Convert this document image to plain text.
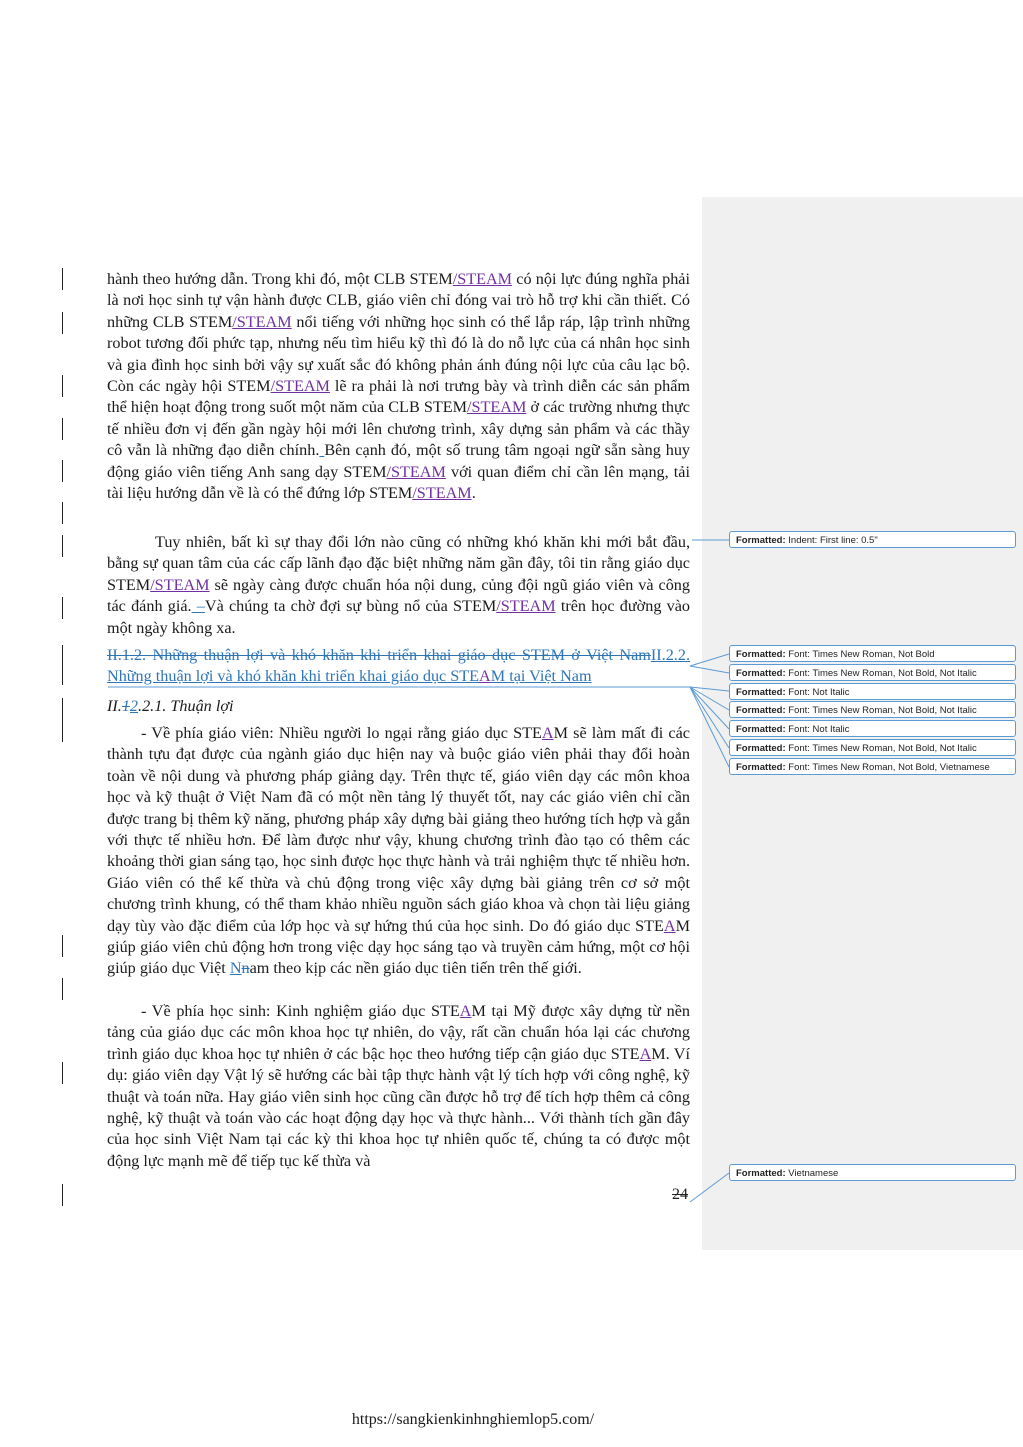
hành theo hướng dẫn. Trong khi đó, một CLB STEM/STEAM có nội lực đúng nghĩa phải là nơi học sinh tự vận hành được CLB, giáo viên chỉ đóng vai trò hỗ trợ khi cần thiết. Có những CLB STEM/STEAM nổi tiếng với những học sinh có thể lắp ráp, lập trình những robot tương đối phức tạp, nhưng nếu tìm hiểu kỹ thì đó là do nỗ lực của cá nhân học sinh và gia đình học sinh bởi vậy sự xuất sắc đó không phản ánh đúng nội lực của câu lạc bộ. Còn các ngày hội STEM/STEAM lẽ ra phải là nơi trưng bày và trình diễn các sản phẩm thể hiện hoạt động trong suốt một năm của CLB STEM/STEAM ở các trường nhưng thực tế nhiều đơn vị đến gần ngày hội mới lên chương trình, xây dựng sản phẩm và các thầy cô vẫn là những đạo diễn chính. Bên cạnh đó, một số trung tâm ngoại ngữ sẵn sàng huy động giáo viên tiếng Anh sang dạy STEM/STEAM với quan điểm chỉ cần lên mạng, tải tài liệu hướng dẫn về là có thể đứng lớp STEM/STEAM.

Tuy nhiên, bất kì sự thay đổi lớn nào cũng có những khó khăn khi mới bắt đầu, bằng sự quan tâm của các cấp lãnh đạo đặc biệt những năm gần đây, tôi tin rằng giáo dục STEM/STEAM sẽ ngày càng được chuẩn hóa nội dung, củng đội ngũ giáo viên và công tác đánh giá. –Và chúng ta chờ đợi sự bùng nổ của STEM/STEAM trên học đường vào một ngày không xa.

II.1.2. Những thuận lợi và khó khăn khi triển khai giáo dục STEM ở Việt NamII.2.2. Những thuận lợi và khó khăn khi triển khai giáo dục STEAM tại Việt Nam

II.12.2.1. Thuận lợi

- Về phía giáo viên: Nhiều người lo ngại rằng giáo dục STEAM sẽ làm mất đi các thành tựu đạt được của ngành giáo dục hiện nay và buộc giáo viên phải thay đổi hoàn toàn về nội dung và phương pháp giảng dạy. Trên thực tế, giáo viên dạy các môn khoa học và kỹ thuật ở Việt Nam đã có một nền tảng lý thuyết tốt, nay các giáo viên chỉ cần được trang bị thêm kỹ năng, phương pháp xây dựng bài giảng theo hướng tích hợp và gắn với thực tế nhiều hơn. Để làm được như vậy, khung chương trình đào tạo có thêm các khoảng thời gian sáng tạo, học sinh được học thực hành và trải nghiệm thực tế nhiều hơn. Giáo viên có thể kế thừa và chủ động trong việc xây dựng bài giảng trên cơ sở một chương trình khung, có thể tham khảo nhiều nguồn sách giáo khoa và chọn tài liệu giảng dạy tùy vào đặc điểm của lớp học và sự hứng thú của học sinh. Do đó giáo dục STEAM giúp giáo viên chủ động hơn trong việc dạy học sáng tạo và truyền cảm hứng, một cơ hội giúp giáo dục Việt Nnam theo kịp các nền giáo dục tiên tiến trên thế giới.

- Về phía học sinh: Kinh nghiệm giáo dục STEAM tại Mỹ được xây dựng từ nền tảng của giáo dục các môn khoa học tự nhiên, do vậy, rất cần chuẩn hóa lại các chương trình giáo dục khoa học tự nhiên ở các bậc học theo hướng tiếp cận giáo dục STEAM. Ví dụ: giáo viên dạy Vật lý sẽ hướng các bài tập thực hành vật lý tích hợp với công nghệ, kỹ thuật và toán nữa. Hay giáo viên sinh học cũng cần được hỗ trợ để tích hợp thêm cả công nghệ, kỹ thuật và toán vào các hoạt động dạy học và thực hành... Với thành tích gần đây của học sinh Việt Nam tại các kỳ thi khoa học tự nhiên quốc tế, chúng ta có được một động lực mạnh mẽ để tiếp tục kế thừa và

Formatted: Indent: First line: 0.5"
Formatted: Font: Times New Roman, Not Bold
Formatted: Font: Times New Roman, Not Bold, Not Italic
Formatted: Font: Not Italic
Formatted: Font: Times New Roman, Not Bold, Not Italic
Formatted: Font: Not Italic
Formatted: Font: Times New Roman, Not Bold, Not Italic
Formatted: Font: Times New Roman, Not Bold, Vietnamese
Formatted: Vietnamese
24
https://sangkienkinhnghiemlop5.com/
